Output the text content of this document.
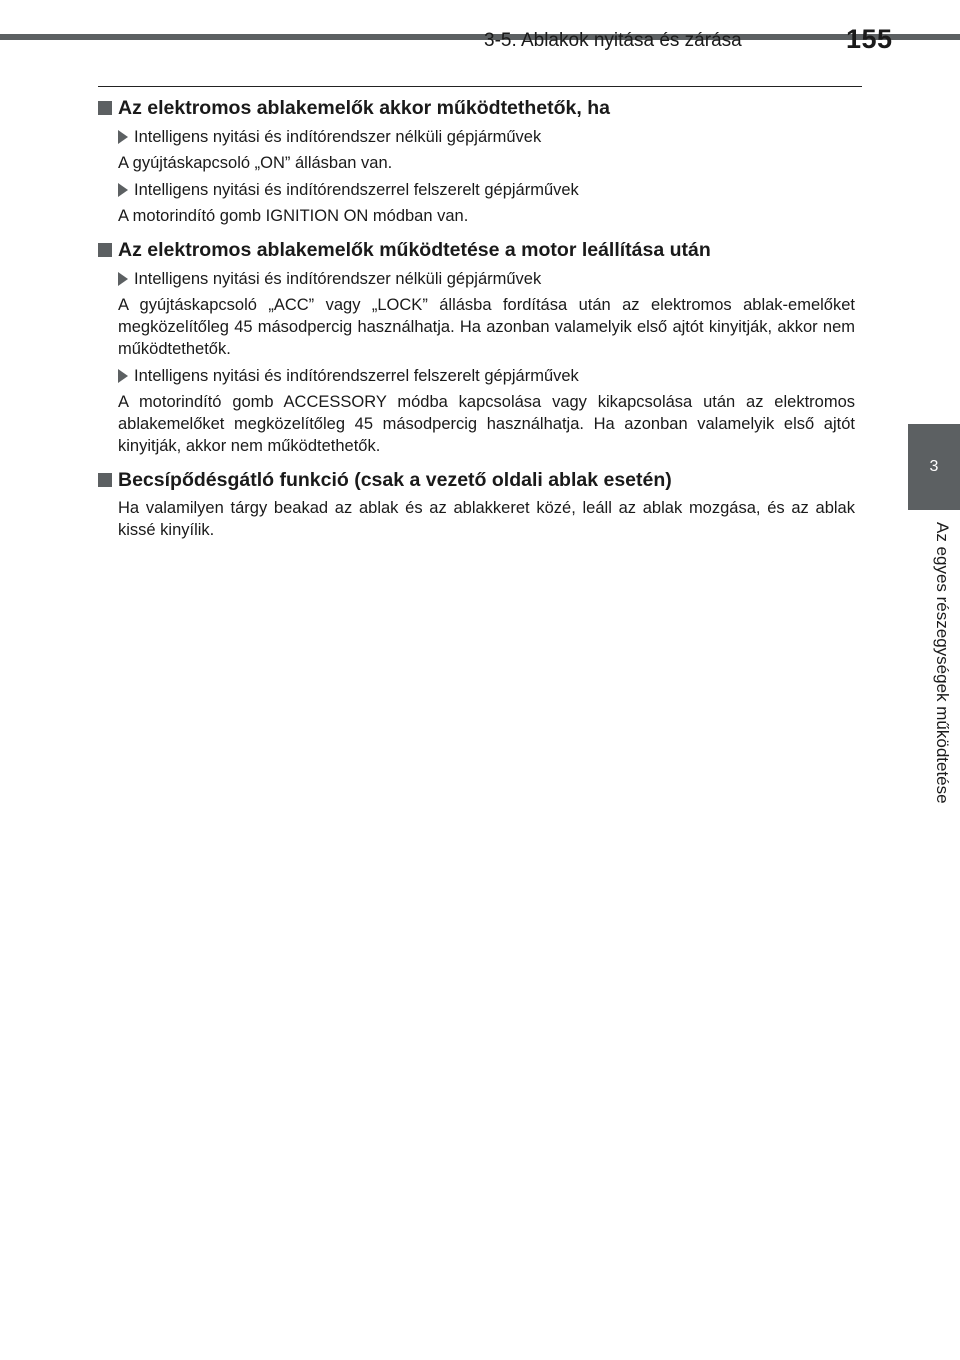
3-5. Ablakok nyitása és zárása	155
3
Az egyes részegységek működtetése
Az elektromos ablakemelők akkor működtethetők, ha
Intelligens nyitási és indítórendszer nélküli gépjárművek
A gyújtáskapcsoló „ON” állásban van.
Intelligens nyitási és indítórendszerrel felszerelt gépjárművek
A motorindító gomb IGNITION ON módban van.
Az elektromos ablakemelők működtetése a motor leállítása után
Intelligens nyitási és indítórendszer nélküli gépjárművek
A gyújtáskapcsoló „ACC” vagy „LOCK” állásba fordítása után az elektromos ablak-emelőket megközelítőleg 45 másodpercig használhatja. Ha azonban valamelyik első ajtót kinyitják, akkor nem működtethetők.
Intelligens nyitási és indítórendszerrel felszerelt gépjárművek
A motorindító gomb ACCESSORY módba kapcsolása vagy kikapcsolása után az elektromos ablakemelőket megközelítőleg 45 másodpercig használhatja. Ha azonban valamelyik első ajtót kinyitják, akkor nem működtethetők.
Becsípődésgátló funkció (csak a vezető oldali ablak esetén)
Ha valamilyen tárgy beakad az ablak és az ablakkeret közé, leáll az ablak mozgása, és az ablak kissé kinyílik.
